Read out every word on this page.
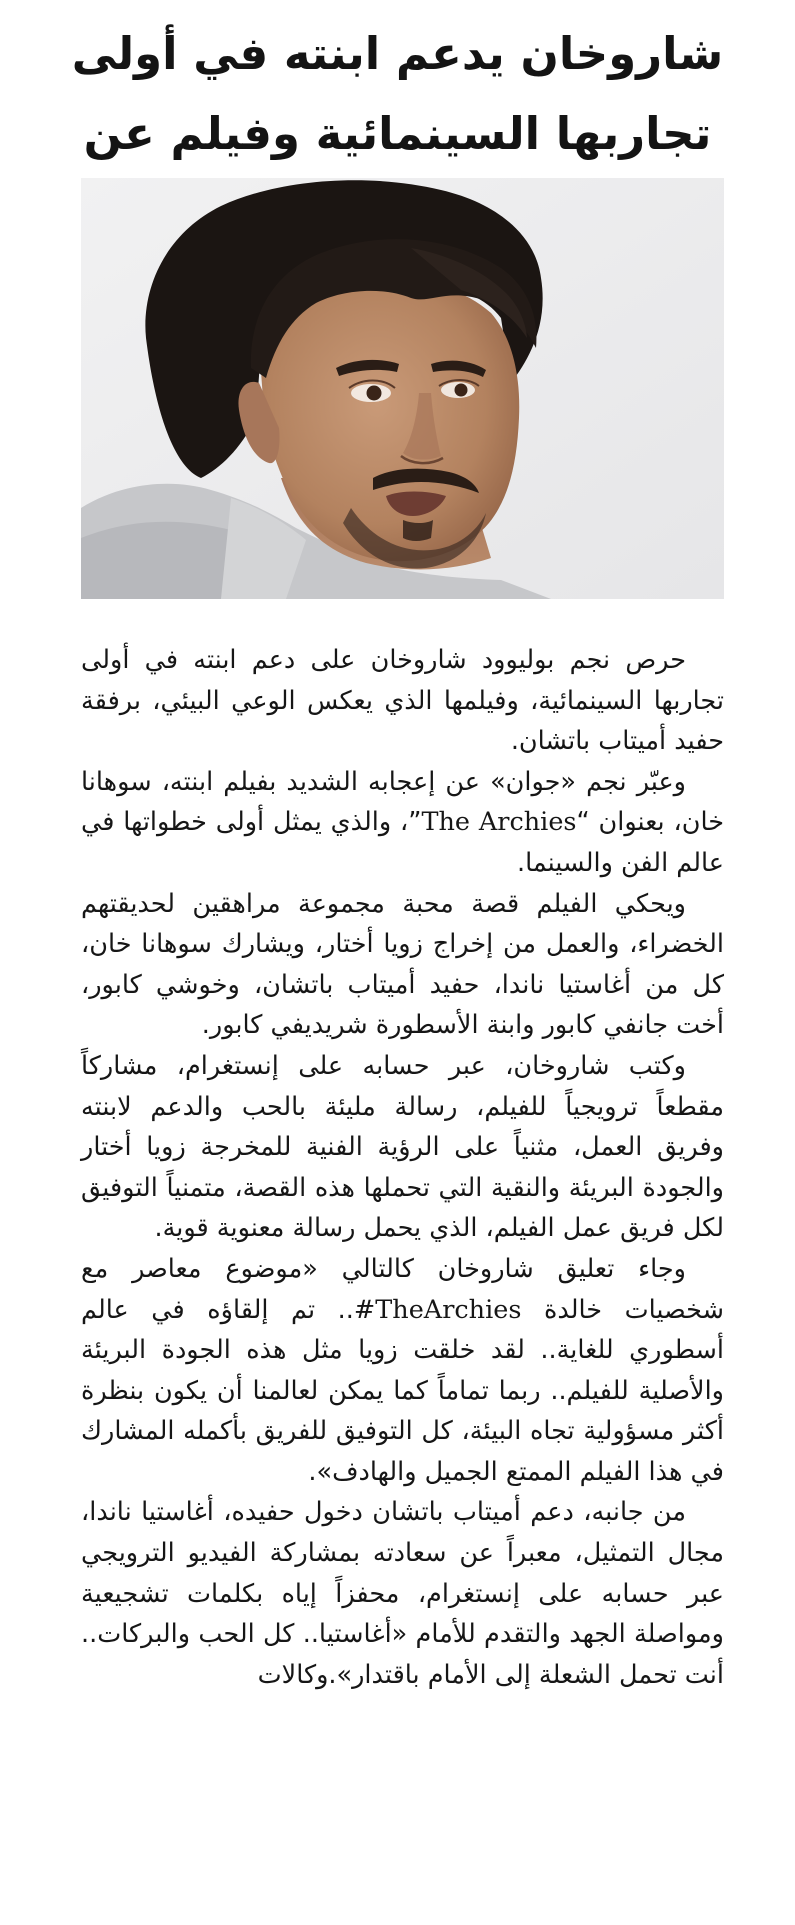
شاروخان يدعم ابنته في أولى تجاربها السينمائية وفيلم عن

حرص نجم بوليوود شاروخان على دعم ابنته في أولى تجاربها السينمائية، وفيلمها الذي يعكس الوعي البيئي، برفقة حفيد أميتاب باتشان.

وعبّر نجم «جوان» عن إعجابه الشديد بفيلم ابنته، سوهانا خان، بعنوان “The Archies”، والذي يمثل أولى خطواتها في عالم الفن والسينما.

ويحكي الفيلم قصة محبة مجموعة مراهقين لحديقتهم الخضراء، والعمل من إخراج زويا أختار، ويشارك سوهانا خان، كل من أغاستيا ناندا، حفيد أميتاب باتشان، وخوشي كابور، أخت جانفي كابور وابنة الأسطورة شريديفي كابور.

وكتب شاروخان، عبر حسابه على إنستغرام، مشاركاً مقطعاً ترويجياً للفيلم، رسالة مليئة بالحب والدعم لابنته وفريق العمل، مثنياً على الرؤية الفنية للمخرجة زويا أختار والجودة البريئة والنقية التي تحملها هذه القصة، متمنياً التوفيق لكل فريق عمل الفيلم، الذي يحمل رسالة معنوية قوية.

وجاء تعليق شاروخان كالتالي «موضوع معاصر مع شخصيات خالدة #TheArchies.. تم إلقاؤه في عالم أسطوري للغاية.. لقد خلقت زويا مثل هذه الجودة البريئة والأصلية للفيلم.. ربما تماماً كما يمكن لعالمنا أن يكون بنظرة أكثر مسؤولية تجاه البيئة، كل التوفيق للفريق بأكمله المشارك في هذا الفيلم الممتع الجميل والهادف».

من جانبه، دعم أميتاب باتشان دخول حفيده، أغاستيا ناندا، مجال التمثيل، معبراً عن سعادته بمشاركة الفيديو الترويجي عبر حسابه على إنستغرام، محفزاً إياه بكلمات تشجيعية ومواصلة الجهد والتقدم للأمام «أغاستيا.. كل الحب والبركات.. أنت تحمل الشعلة إلى الأمام باقتدار».وكالات
